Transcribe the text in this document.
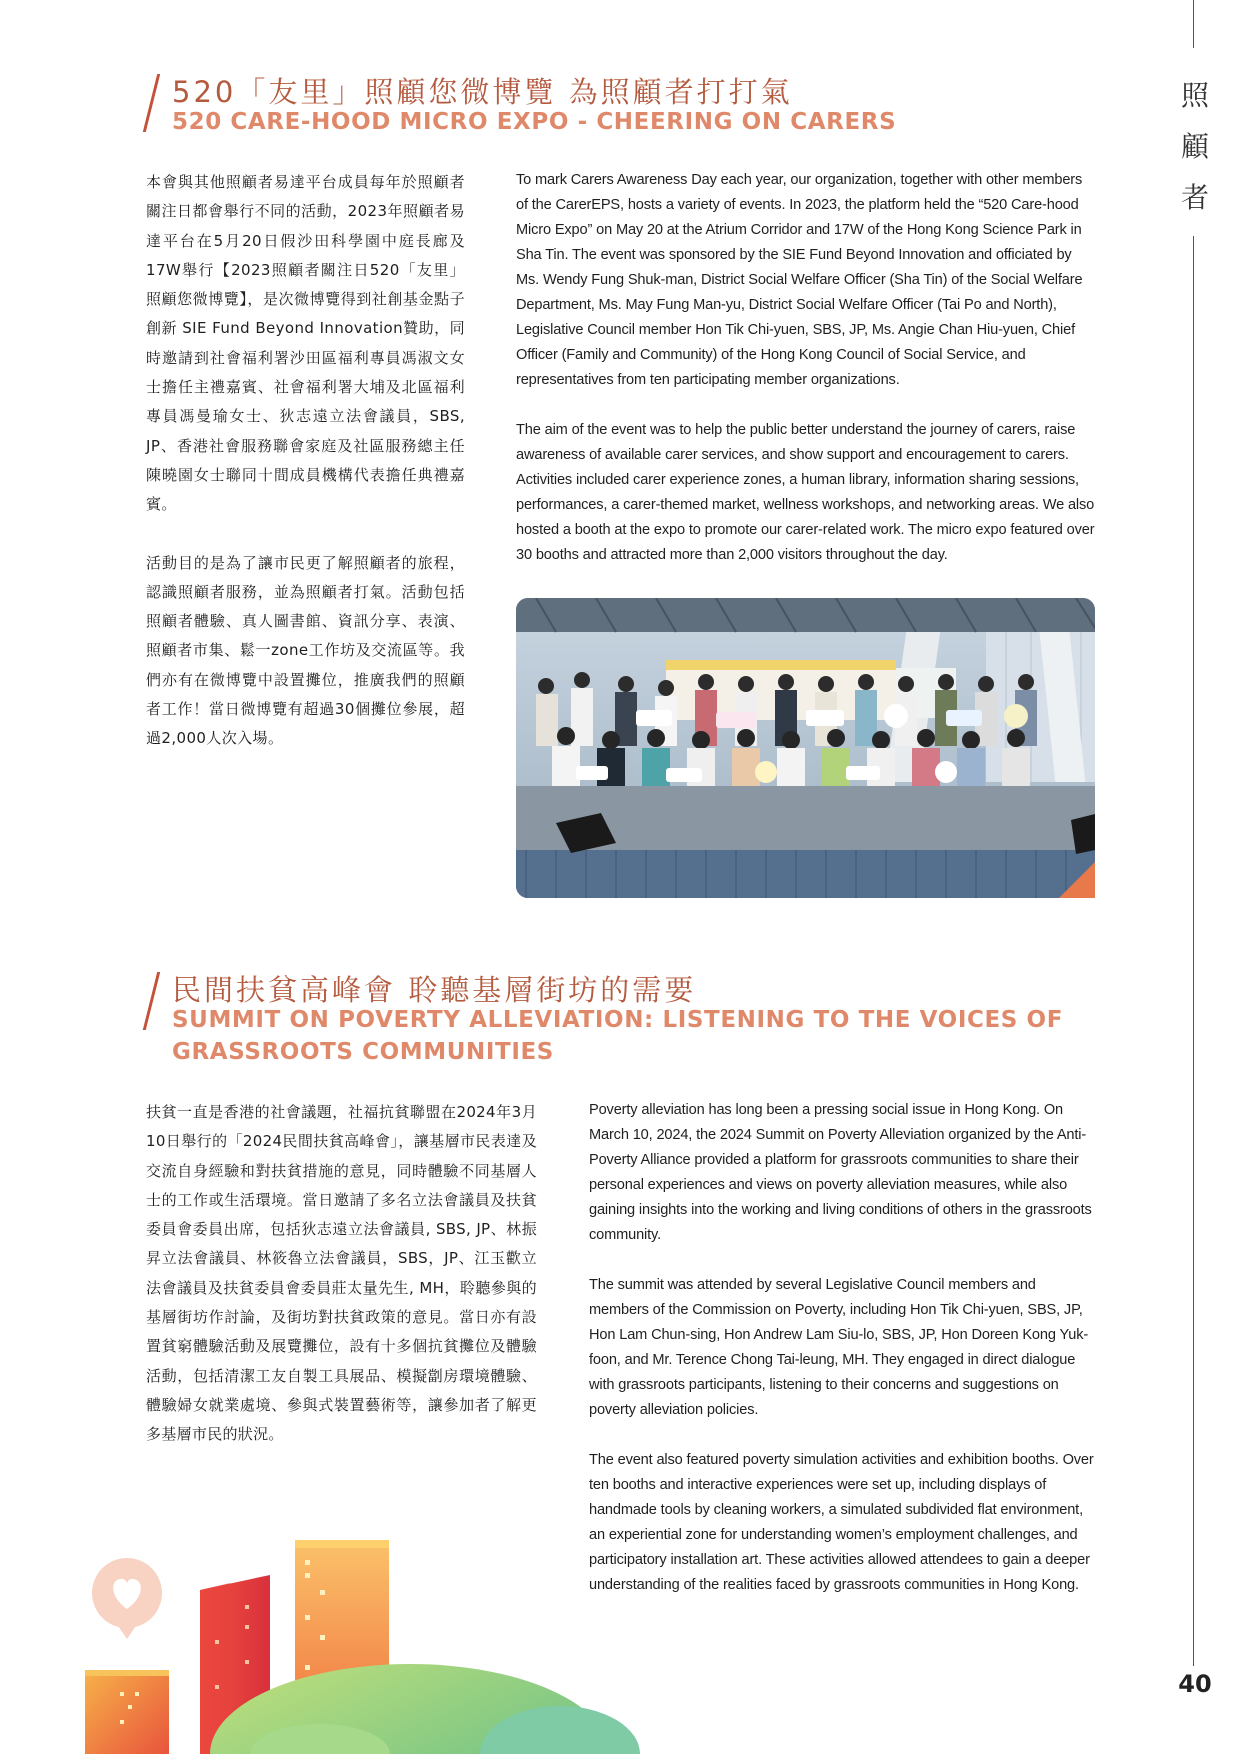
照
顧
者
40
520「友里」照顧您微博覽 為照顧者打打氣
520 CARE-HOOD MICRO EXPO - CHEERING ON CARERS

本會與其他照顧者易達平台成員每年於照顧者關注日都會舉行不同的活動，2023年照顧者易達平台在5月20日假沙田科學園中庭長廊及17W舉行【2023照顧者關注日520「友里」照顧您微博覽】，是次微博覽得到社創基金點子創新 SIE Fund Beyond Innovation贊助，同時邀請到社會福利署沙田區福利專員馮淑文女士擔任主禮嘉賓、社會福利署大埔及北區福利專員馮曼瑜女士、狄志遠立法會議員，SBS, JP、香港社會服務聯會家庭及社區服務總主任陳曉園女士聯同十間成員機構代表擔任典禮嘉賓。

活動目的是為了讓市民更了解照顧者的旅程，認識照顧者服務，並為照顧者打氣。活動包括照顧者體驗、真人圖書館、資訊分享、表演、照顧者市集、鬆一zone工作坊及交流區等。我們亦有在微博覽中設置攤位，推廣我們的照顧者工作！當日微博覽有超過30個攤位參展，超過2,000人次入場。

To mark Carers Awareness Day each year, our organization, together with other members of the CarerEPS, hosts a variety of events. In 2023, the platform held the “520 Care-hood Micro Expo” on May 20 at the Atrium Corridor and 17W of the Hong Kong Science Park in Sha Tin. The event was sponsored by the SIE Fund Beyond Innovation and officiated by Ms. Wendy Fung Shuk-man, District Social Welfare Officer (Sha Tin) of the Social Welfare Department, Ms. May Fung Man-yu, District Social Welfare Officer (Tai Po and North), Legislative Council member Hon Tik Chi-yuen, SBS, JP, Ms. Angie Chan Hiu-yuen, Chief Officer (Family and Community) of the Hong Kong Council of Social Service, and representatives from ten participating member organizations.

The aim of the event was to help the public better understand the journey of carers, raise awareness of available carer services, and show support and encouragement to carers. Activities included carer experience zones, a human library, information sharing sessions, performances, a carer-themed market, wellness workshops, and networking areas. We also hosted a booth at the expo to promote our carer-related work. The micro expo featured over 30 booths and attracted more than 2,000 visitors throughout the day.

民間扶貧高峰會 聆聽基層街坊的需要
SUMMIT ON POVERTY ALLEVIATION: LISTENING TO THE VOICES OF
GRASSROOTS COMMUNITIES

扶貧一直是香港的社會議題，社福抗貧聯盟在2024年3月10日舉行的「2024民間扶貧高峰會」，讓基層市民表達及交流自身經驗和對扶貧措施的意見，同時體驗不同基層人士的工作或生活環境。當日邀請了多名立法會議員及扶貧委員會委員出席，包括狄志遠立法會議員, SBS, JP、林振昇立法會議員、林筱魯立法會議員，SBS，JP、江玉歡立法會議員及扶貧委員會委員莊太量先生, MH，聆聽參與的基層街坊作討論，及街坊對扶貧政策的意見。當日亦有設置貧窮體驗活動及展覽攤位，設有十多個抗貧攤位及體驗活動，包括清潔工友自製工具展品、模擬劏房環境體驗、體驗婦女就業處境、參與式裝置藝術等，讓參加者了解更多基層市民的狀況。

Poverty alleviation has long been a pressing social issue in Hong Kong. On March 10, 2024, the 2024 Summit on Poverty Alleviation organized by the Anti-Poverty Alliance provided a platform for grassroots communities to share their personal experiences and views on poverty alleviation measures, while also gaining insights into the working and living conditions of others in the grassroots community.

The summit was attended by several Legislative Council members and members of the Commission on Poverty, including Hon Tik Chi-yuen, SBS, JP, Hon Lam Chun-sing, Hon Andrew Lam Siu-lo, SBS, JP, Hon Doreen Kong Yuk-foon, and Mr. Terence Chong Tai-leung, MH. They engaged in direct dialogue with grassroots participants, listening to their concerns and suggestions on poverty alleviation policies.

The event also featured poverty simulation activities and exhibition booths. Over ten booths and interactive experiences were set up, including displays of handmade tools by cleaning workers, a simulated subdivided flat environment, an experiential zone for understanding women’s employment challenges, and participatory installation art. These activities allowed attendees to gain a deeper understanding of the realities faced by grassroots communities in Hong Kong.
